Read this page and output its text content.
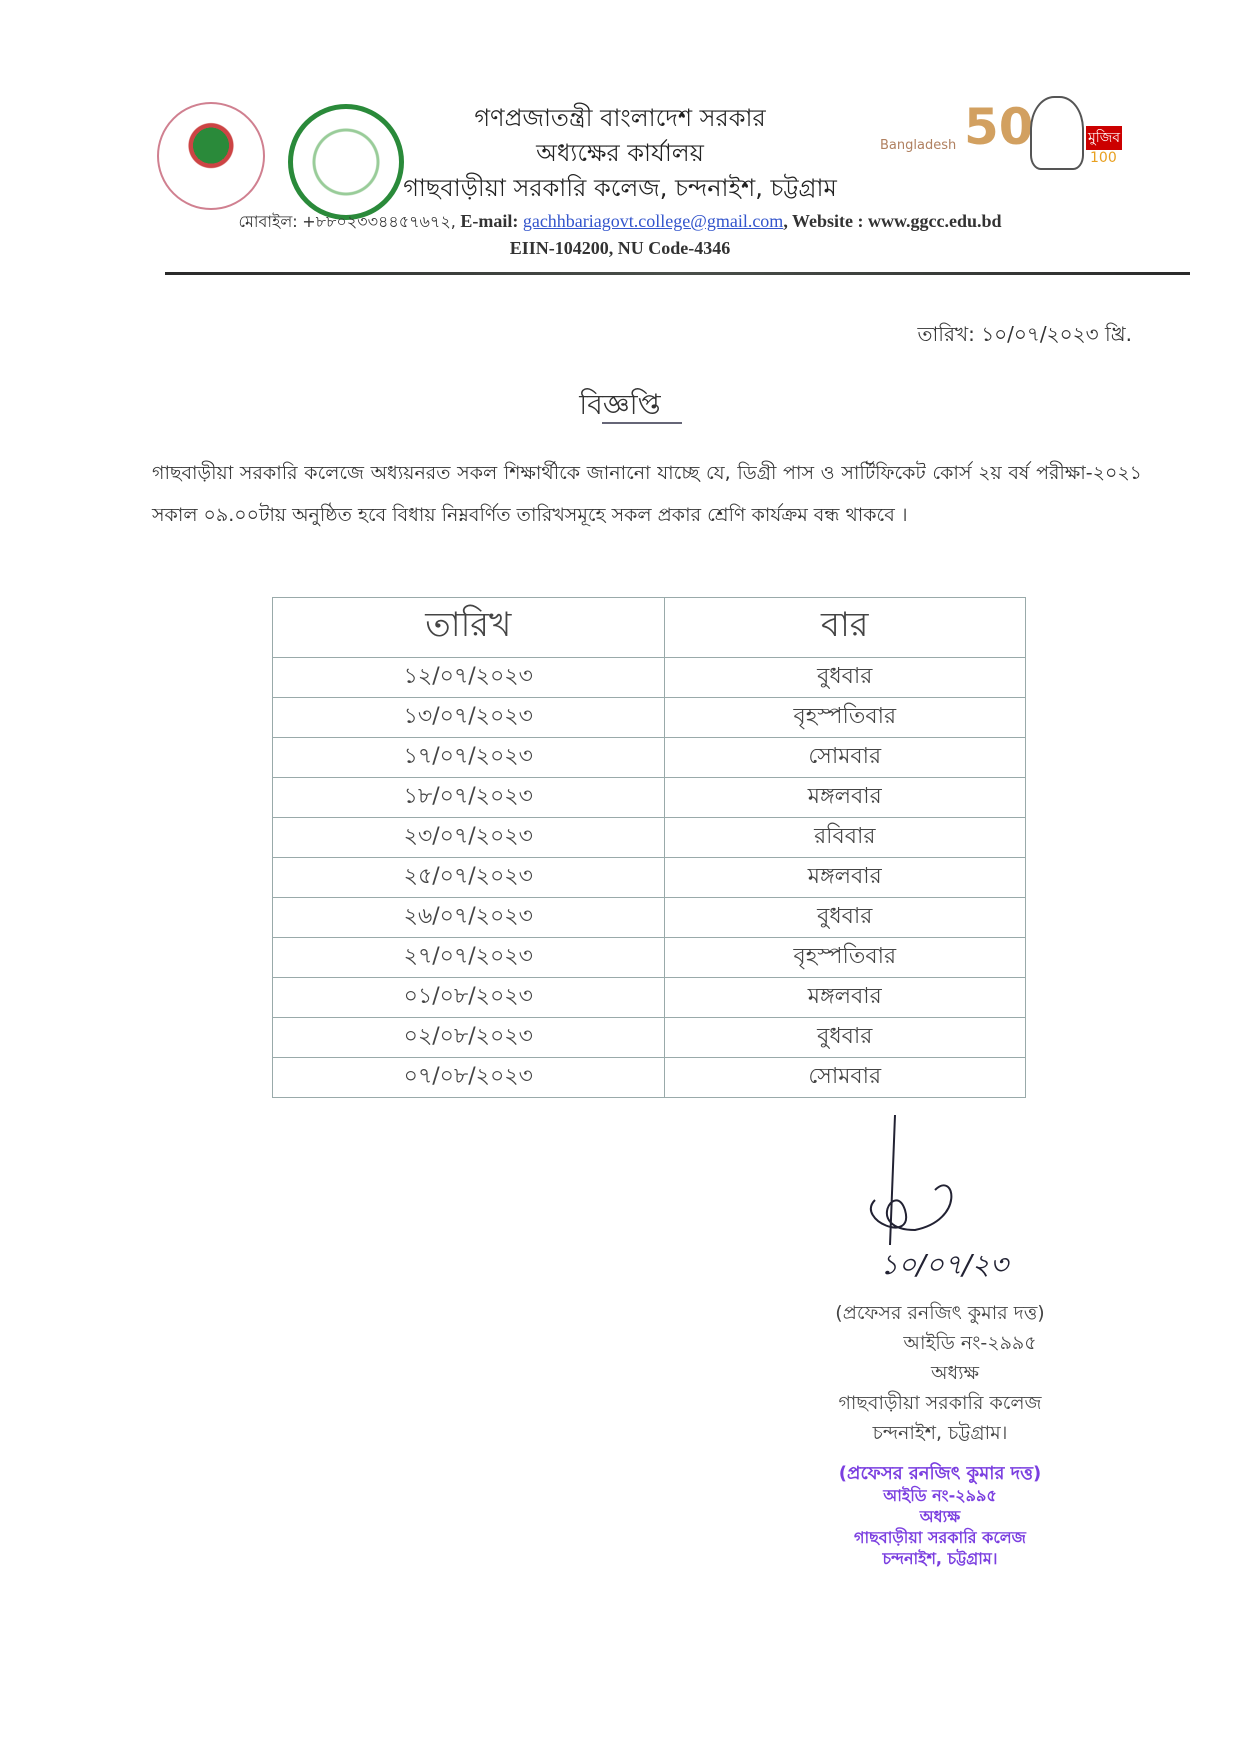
Bangladesh 50	মুজিব
100
গণপ্রজাতন্ত্রী বাংলাদেশ সরকার
অধ্যক্ষের কার্যালয়
গাছবাড়ীয়া সরকারি কলেজ, চন্দনাইশ, চট্টগ্রাম
মোবাইল: +৮৮০২৩৩৪৪৫৭৬৭২, E-mail: gachhbariagovt.college@gmail.com, Website : www.ggcc.edu.bd
EIIN-104200, NU Code-4346
তারিখ: ১০/০৭/২০২৩ খ্রি.
বিজ্ঞপ্তি
গাছবাড়ীয়া সরকারি কলেজে অধ্যয়নরত সকল শিক্ষার্থীকে জানানো যাচ্ছে যে, ডিগ্রী পাস ও সার্টিফিকেট কোর্স ২য় বর্ষ পরীক্ষা-২০২১ সকাল ০৯.০০টায় অনুষ্ঠিত হবে বিধায় নিম্নবর্ণিত তারিখসমূহে সকল প্রকার শ্রেণি কার্যক্রম বন্ধ থাকবে ।
তারিখ	বার
১২/০৭/২০২৩	বুধবার
১৩/০৭/২০২৩	বৃহস্পতিবার
১৭/০৭/২০২৩	সোমবার
১৮/০৭/২০২৩	মঙ্গলবার
২৩/০৭/২০২৩	রবিবার
২৫/০৭/২০২৩	মঙ্গলবার
২৬/০৭/২০২৩	বুধবার
২৭/০৭/২০২৩	বৃহস্পতিবার
০১/০৮/২০২৩	মঙ্গলবার
০২/০৮/২০২৩	বুধবার
০৭/০৮/২০২৩	সোমবার
১০/০৭/২৩
(প্রফেসর রনজিৎ কুমার দত্ত)
আইডি নং-২৯৯৫
অধ্যক্ষ
গাছবাড়ীয়া সরকারি কলেজ
চন্দনাইশ, চট্টগ্রাম।
(প্রফেসর রনজিৎ কুমার দত্ত)
আইডি নং-২৯৯৫
অধ্যক্ষ
গাছবাড়ীয়া সরকারি কলেজ
চন্দনাইশ, চট্টগ্রাম।
